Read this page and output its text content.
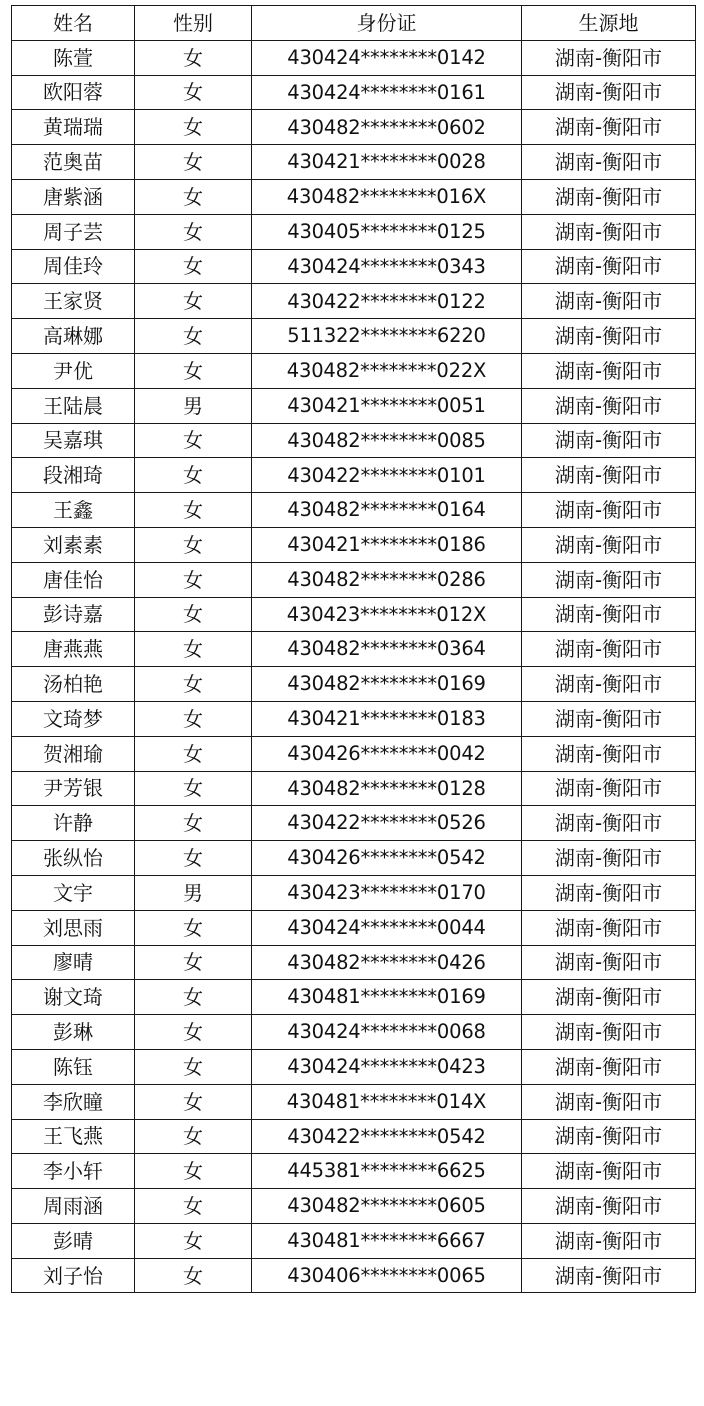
姓名	性别	身份证	生源地
陈萱	女	430424********0142	湖南-衡阳市
欧阳蓉	女	430424********0161	湖南-衡阳市
黄瑞瑞	女	430482********0602	湖南-衡阳市
范奥苗	女	430421********0028	湖南-衡阳市
唐紫涵	女	430482********016X	湖南-衡阳市
周子芸	女	430405********0125	湖南-衡阳市
周佳玲	女	430424********0343	湖南-衡阳市
王家贤	女	430422********0122	湖南-衡阳市
高琳娜	女	511322********6220	湖南-衡阳市
尹优	女	430482********022X	湖南-衡阳市
王陆晨	男	430421********0051	湖南-衡阳市
吴嘉琪	女	430482********0085	湖南-衡阳市
段湘琦	女	430422********0101	湖南-衡阳市
王鑫	女	430482********0164	湖南-衡阳市
刘素素	女	430421********0186	湖南-衡阳市
唐佳怡	女	430482********0286	湖南-衡阳市
彭诗嘉	女	430423********012X	湖南-衡阳市
唐燕燕	女	430482********0364	湖南-衡阳市
汤柏艳	女	430482********0169	湖南-衡阳市
文琦梦	女	430421********0183	湖南-衡阳市
贺湘瑜	女	430426********0042	湖南-衡阳市
尹芳银	女	430482********0128	湖南-衡阳市
许静	女	430422********0526	湖南-衡阳市
张纵怡	女	430426********0542	湖南-衡阳市
文宇	男	430423********0170	湖南-衡阳市
刘思雨	女	430424********0044	湖南-衡阳市
廖晴	女	430482********0426	湖南-衡阳市
谢文琦	女	430481********0169	湖南-衡阳市
彭琳	女	430424********0068	湖南-衡阳市
陈钰	女	430424********0423	湖南-衡阳市
李欣瞳	女	430481********014X	湖南-衡阳市
王飞燕	女	430422********0542	湖南-衡阳市
李小轩	女	445381********6625	湖南-衡阳市
周雨涵	女	430482********0605	湖南-衡阳市
彭晴	女	430481********6667	湖南-衡阳市
刘子怡	女	430406********0065	湖南-衡阳市
